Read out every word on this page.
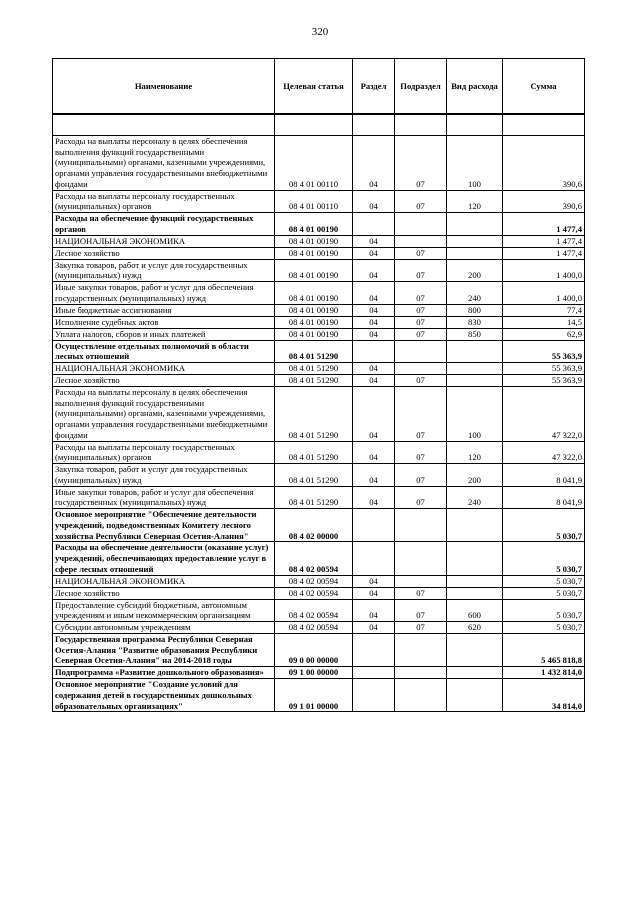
320
Наименование	Целевая статья	Раздел	Подраздел	Вид расхода	Сумма

Расходы на выплаты персоналу в целях обеспечения выполнения функций государственными (муниципальными) органами, казенными учреждениями, органами управления государственными внебюджетными фондами	08 4 01 00110	04	07	100	390,6
Расходы на выплаты персоналу государственных (муниципальных) органов	08 4 01 00110	04	07	120	390,6
Расходы на обеспечение функций государственных органов	08 4 01 00190				1 477,4
НАЦИОНАЛЬНАЯ ЭКОНОМИКА	08 4 01 00190	04			1 477,4
Лесное хозяйство	08 4 01 00190	04	07		1 477,4
Закупка товаров, работ и услуг для государственных (муниципальных) нужд	08 4 01 00190	04	07	200	1 400,0
Иные закупки товаров, работ и услуг для обеспечения государственных (муниципальных) нужд	08 4 01 00190	04	07	240	1 400,0
Иные бюджетные ассигнования	08 4 01 00190	04	07	800	77,4
Исполнение судебных актов	08 4 01 00190	04	07	830	14,5
Уплата налогов, сборов и иных платежей	08 4 01 00190	04	07	850	62,9
Осуществление отдельных полномочий в области лесных отношений	08 4 01 51290				55 363,9
НАЦИОНАЛЬНАЯ ЭКОНОМИКА	08 4 01 51290	04			55 363,9
Лесное хозяйство	08 4 01 51290	04	07		55 363,9
Расходы на выплаты персоналу в целях обеспечения выполнения функций государственными (муниципальными) органами, казенными учреждениями, органами управления государственными внебюджетными фондами	08 4 01 51290	04	07	100	47 322,0
Расходы на выплаты персоналу государственных (муниципальных) органов	08 4 01 51290	04	07	120	47 322,0
Закупка товаров, работ и услуг для государственных (муниципальных) нужд	08 4 01 51290	04	07	200	8 041,9
Иные закупки товаров, работ и услуг для обеспечения государственных (муниципальных) нужд	08 4 01 51290	04	07	240	8 041,9
Основное мероприятие "Обеспечение деятельности учреждений, подведомственных Комитету лесного хозяйства Республики Северная Осетия-Алания"	08 4 02 00000				5 030,7
Расходы на обеспечение деятельности (оказание услуг) учреждений, обеспечивающих предоставление услуг в сфере лесных отношений	08 4 02 00594				5 030,7
НАЦИОНАЛЬНАЯ ЭКОНОМИКА	08 4 02 00594	04			5 030,7
Лесное хозяйство	08 4 02 00594	04	07		5 030,7
Предоставление субсидий бюджетным, автономным учреждениям и иным некоммерческим организациям	08 4 02 00594	04	07	600	5 030,7
Субсидии автономным учреждениям	08 4 02 00594	04	07	620	5 030,7
Государственная программа Республики Северная Осетия-Алания "Развитие образования Республики Северная Осетия-Алания" на 2014-2018 годы	09 0 00 00000				5 465 818,8
Подпрограмма «Развитие дошкольного образования»	09 1 00 00000				1 432 814,0
Основное мероприятие "Создание условий для содержания детей в государственных дошкольных образовательных организациях"	09 1 01 00000				34 814,0
